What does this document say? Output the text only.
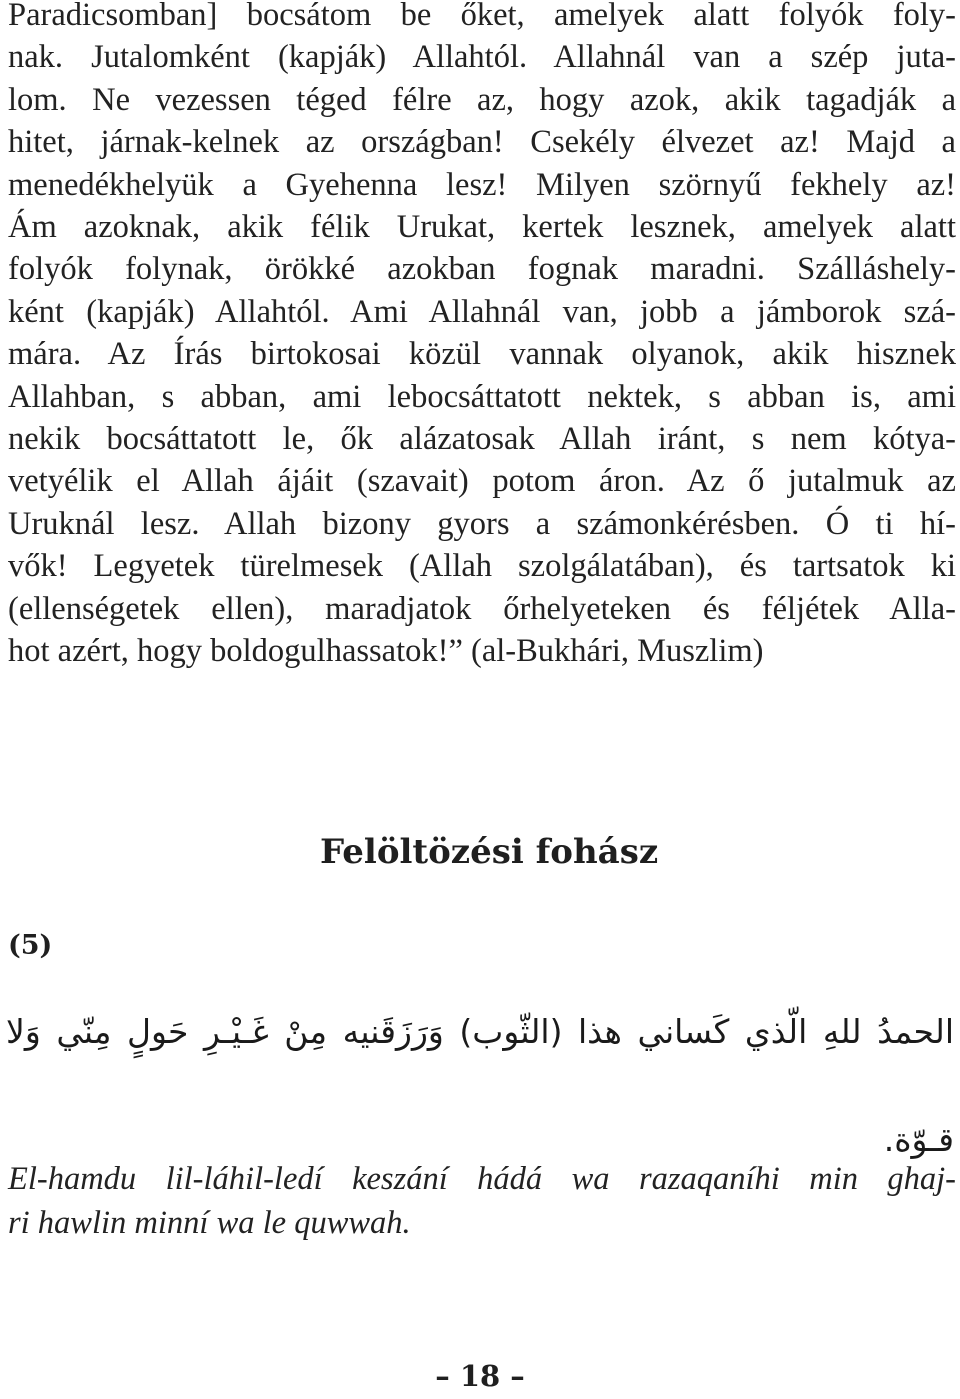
Paradicsomban] bocsátom be őket, amelyek alatt folyók foly-
nak. Jutalomként (kapják) Allahtól. Allahnál van a szép juta-
lom. Ne vezessen téged félre az, hogy azok, akik tagadják a
hitet, járnak-kelnek az országban! Csekély élvezet az! Majd a
menedékhelyük a Gyehenna lesz! Milyen szörnyű fekhely az!
Ám azoknak, akik félik Urukat, kertek lesznek, amelyek alatt
folyók folynak, örökké azokban fognak maradni. Szálláshely-
ként (kapják) Allahtól. Ami Allahnál van, jobb a jámborok szá-
mára. Az Írás birtokosai közül vannak olyanok, akik hisznek
Allahban, s abban, ami lebocsáttatott nektek, s abban is, ami
nekik bocsáttatott le, ők alázatosak Allah iránt, s nem kótya-
vetyélik el Allah ájáit (szavait) potom áron. Az ő jutalmuk az
Uruknál lesz. Allah bizony gyors a számonkérésben. Ó ti hí-
vők! Legyetek türelmesek (Allah szolgálatában), és tartsatok ki
(ellenségetek ellen), maradjatok őrhelyeteken és féljétek Alla-
hot azért, hogy boldogulhassatok!” (al-Bukhári, Muszlim)
Felöltözési fohász
(5)
الحمدُ للهِ الّذي كَساني هذا (الثّوب) وَرَزَقَنيه مِنْ غَـيْـرِ حَولٍ مِنّي وَلا
قـوّة.
El-hamdu lil-láhil-ledí keszání hádá wa razaqaníhi min ghaj-
ri hawlin minní wa le quwwah.
– 18 –
